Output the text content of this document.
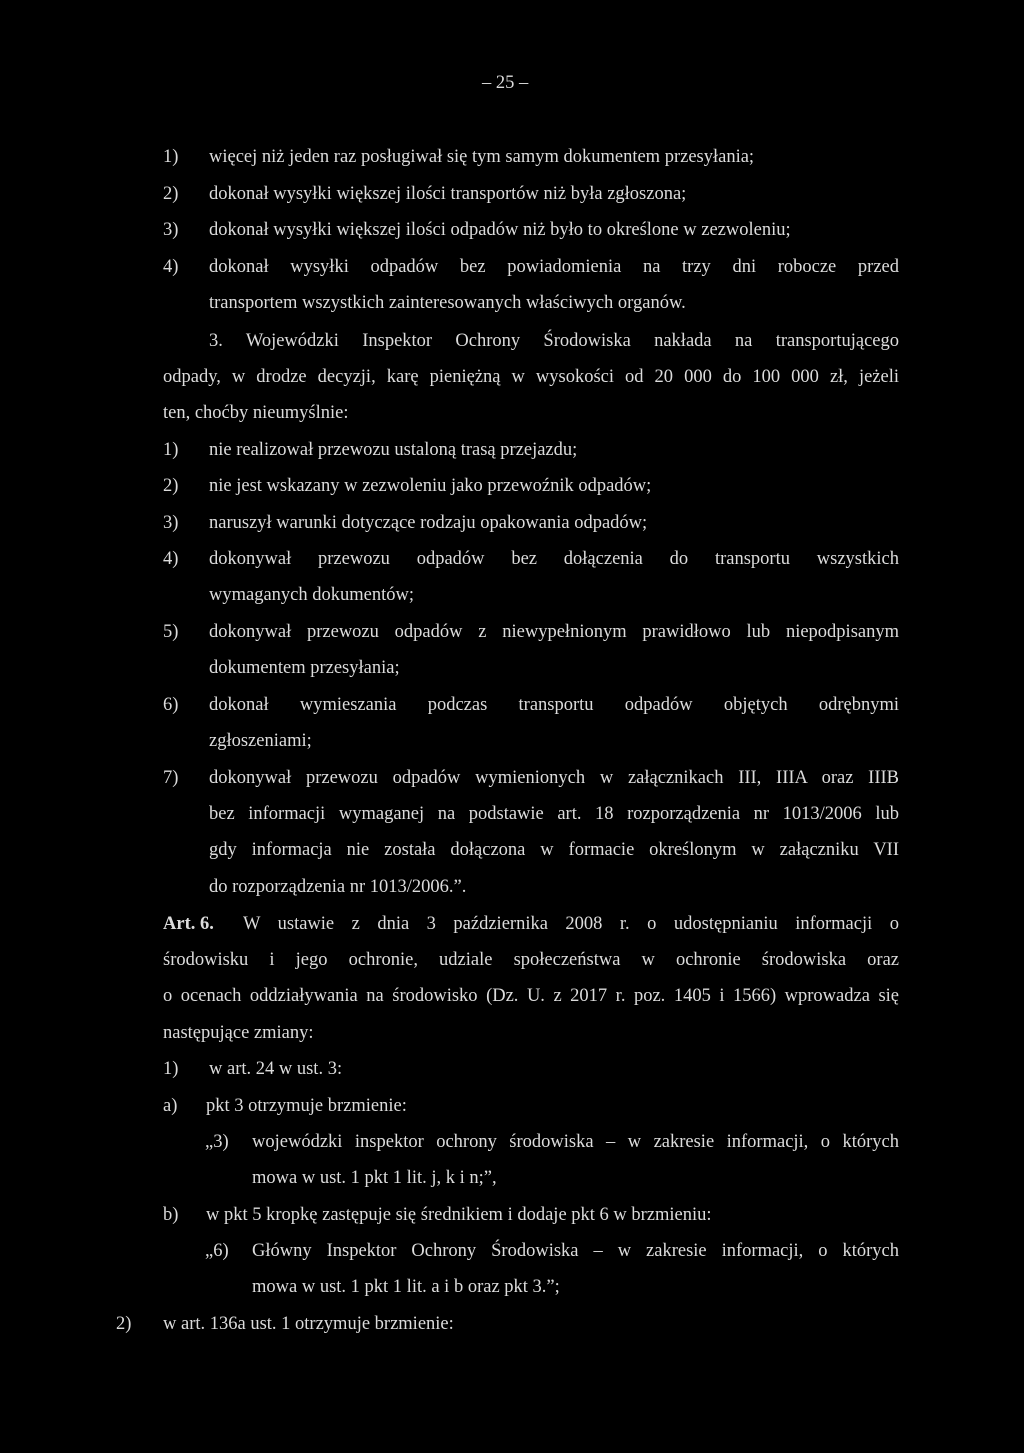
– 25 –
1) więcej niż jeden raz posługiwał się tym samym dokumentem przesyłania;
2) dokonał wysyłki większej ilości transportów niż była zgłoszona;
3) dokonał wysyłki większej ilości odpadów niż było to określone w zezwoleniu;
4) dokonał wysyłki odpadów bez powiadomienia na trzy dni robocze przed
transportem wszystkich zainteresowanych właściwych organów.
3. Wojewódzki Inspektor Ochrony Środowiska nakłada na transportującego
odpady, w drodze decyzji, karę pieniężną w wysokości od 20 000 do 100 000 zł, jeżeli
ten, choćby nieumyślnie:
1) nie realizował przewozu ustaloną trasą przejazdu;
2) nie jest wskazany w zezwoleniu jako przewoźnik odpadów;
3) naruszył warunki dotyczące rodzaju opakowania odpadów;
4) dokonywał przewozu odpadów bez dołączenia do transportu wszystkich
wymaganych dokumentów;
5) dokonywał przewozu odpadów z niewypełnionym prawidłowo lub niepodpisanym
dokumentem przesyłania;
6) dokonał wymieszania podczas transportu odpadów objętych odrębnymi
zgłoszeniami;
7) dokonywał przewozu odpadów wymienionych w załącznikach III, IIIA oraz IIIB
bez informacji wymaganej na podstawie art. 18 rozporządzenia nr 1013/2006 lub
gdy informacja nie została dołączona w formacie określonym w załączniku VII
do rozporządzenia nr 1013/2006.”.
Art. 6. W ustawie z dnia 3 października 2008 r. o udostępnianiu informacji o
środowisku i jego ochronie, udziale społeczeństwa w ochronie środowiska oraz
o ocenach oddziaływania na środowisko (Dz. U. z 2017 r. poz. 1405 i 1566) wprowadza się
następujące zmiany:
1) w art. 24 w ust. 3:
a) pkt 3 otrzymuje brzmienie:
„3) wojewódzki inspektor ochrony środowiska – w zakresie informacji, o których
mowa w ust. 1 pkt 1 lit. j, k i n;”,
b) w pkt 5 kropkę zastępuje się średnikiem i dodaje pkt 6 w brzmieniu:
„6) Główny Inspektor Ochrony Środowiska – w zakresie informacji, o których
mowa w ust. 1 pkt 1 lit. a i b oraz pkt 3.”;
2) w art. 136a ust. 1 otrzymuje brzmienie:
